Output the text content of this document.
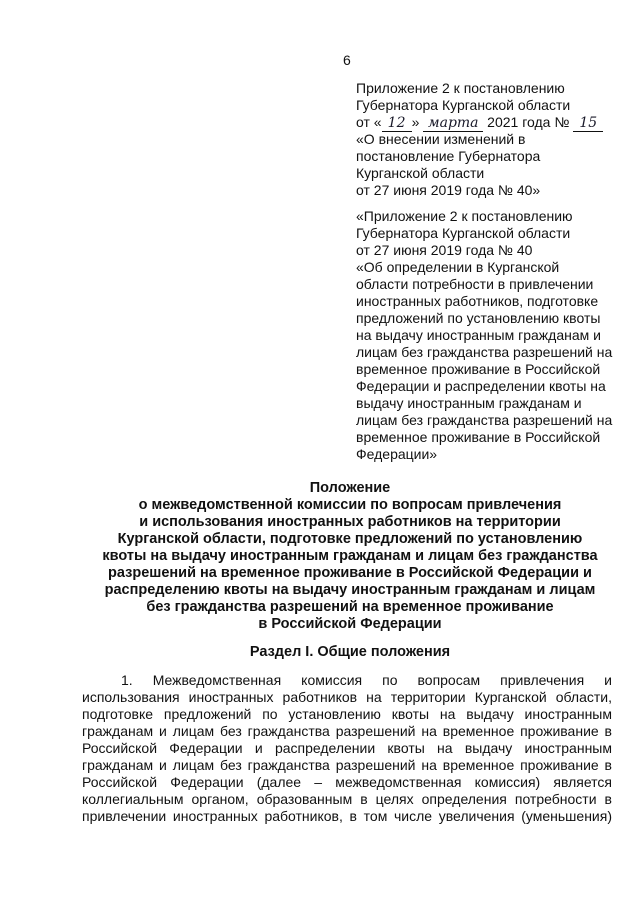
6
Приложение 2 к постановлению
Губернатора Курганской области
от « 12 » марта 2021 года № 15
«О внесении изменений в
постановление Губернатора
Курганской области
от 27 июня 2019 года № 40»
«Приложение 2 к постановлению
Губернатора Курганской области
от 27 июня 2019 года № 40
«Об определении в Курганской
области потребности в привлечении
иностранных работников, подготовке
предложений по установлению квоты
на выдачу иностранным гражданам и
лицам без гражданства разрешений на
временное проживание в Российской
Федерации и распределении квоты на
выдачу иностранным гражданам и
лицам без гражданства разрешений на
временное проживание в Российской
Федерации»
Положение
о межведомственной комиссии по вопросам привлечения
и использования иностранных работников на территории
Курганской области, подготовке предложений по установлению
квоты на выдачу иностранным гражданам и лицам без гражданства
разрешений на временное проживание в Российской Федерации и
распределению квоты на выдачу иностранным гражданам и лицам
без гражданства разрешений на временное проживание
в Российской Федерации
Раздел I. Общие положения
1. Межведомственная комиссия по вопросам привлечения и
использования иностранных работников на территории Курганской области,
подготовке предложений по установлению квоты на выдачу иностранным
гражданам и лицам без гражданства разрешений на временное проживание в
Российской Федерации и распределении квоты на выдачу иностранным
гражданам и лицам без гражданства разрешений на временное проживание в
Российской Федерации (далее – межведомственная комиссия) является
коллегиальным органом, образованным в целях определения потребности в
привлечении иностранных работников, в том числе увеличения (уменьшения)
